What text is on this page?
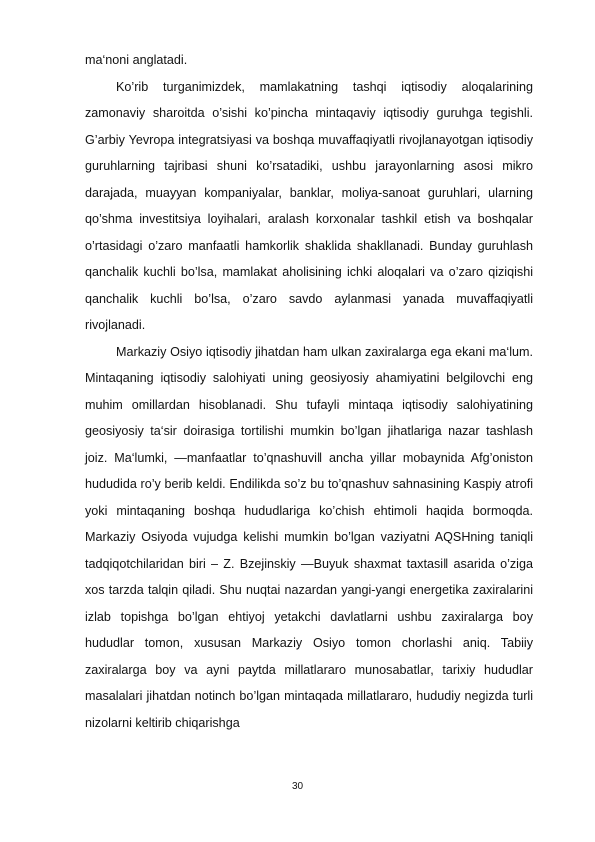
ma‘noni anglatadi.

Ko’rib turganimizdek, mamlakatning tashqi iqtisodiy aloqalarining zamonaviy sharoitda o’sishi ko’pincha mintaqaviy iqtisodiy guruhga tegishli. G’arbiy Yevropa integratsiyasi va boshqa muvaffaqiyatli rivojlanayotgan iqtisodiy guruhlarning tajribasi shuni ko’rsatadiki, ushbu jarayonlarning asosi mikro darajada, muayyan kompaniyalar, banklar, moliya-sanoat guruhlari, ularning qo’shma investitsiya loyihalari, aralash korxonalar tashkil etish va boshqalar o’rtasidagi o’zaro manfaatli hamkorlik shaklida shakllanadi. Bunday guruhlash qanchalik kuchli bo’lsa, mamlakat aholisining ichki aloqalari va o’zaro qiziqishi qanchalik kuchli bo’lsa, o’zaro savdo aylanmasi yanada muvaffaqiyatli rivojlanadi.

Markaziy Osiyo iqtisodiy jihatdan ham ulkan zaxiralarga ega ekani ma‘lum. Mintaqaning iqtisodiy salohiyati uning geosiyosiy ahamiyatini belgilovchi eng muhim omillardan hisoblanadi. Shu tufayli mintaqa iqtisodiy salohiyatining geosiyosiy ta‘sir doirasiga tortilishi mumkin bo’lgan jihatlariga nazar tashlash joiz. Ma‘lumki, ―manfaatlar to’qnashuvi‖ ancha yillar mobaynida Afg’oniston hududida ro’y berib keldi. Endilikda so’z bu to’qnashuv sahnasining Kaspiy atrofi yoki mintaqaning boshqa hududlariga ko’chish ehtimoli haqida bormoqda. Markaziy Osiyoda vujudga kelishi mumkin bo’lgan vaziyatni AQSHning taniqli tadqiqotchilaridan biri – Z. Bzejinskiy ―Buyuk shaxmat taxtasi‖ asarida o’ziga xos tarzda talqin qiladi. Shu nuqtai nazardan yangi-yangi energetika zaxiralarini izlab topishga bo’lgan ehtiyoj yetakchi davlatlarni ushbu zaxiralarga boy hududlar tomon, xususan Markaziy Osiyo tomon chorlashi aniq. Tabiiy zaxiralarga boy va ayni paytda millatlararo munosabatlar, tarixiy hududlar masalalari jihatdan notinch bo’lgan mintaqada millatlararo, hududiy negizda turli nizolarni keltirib chiqarishga

30
